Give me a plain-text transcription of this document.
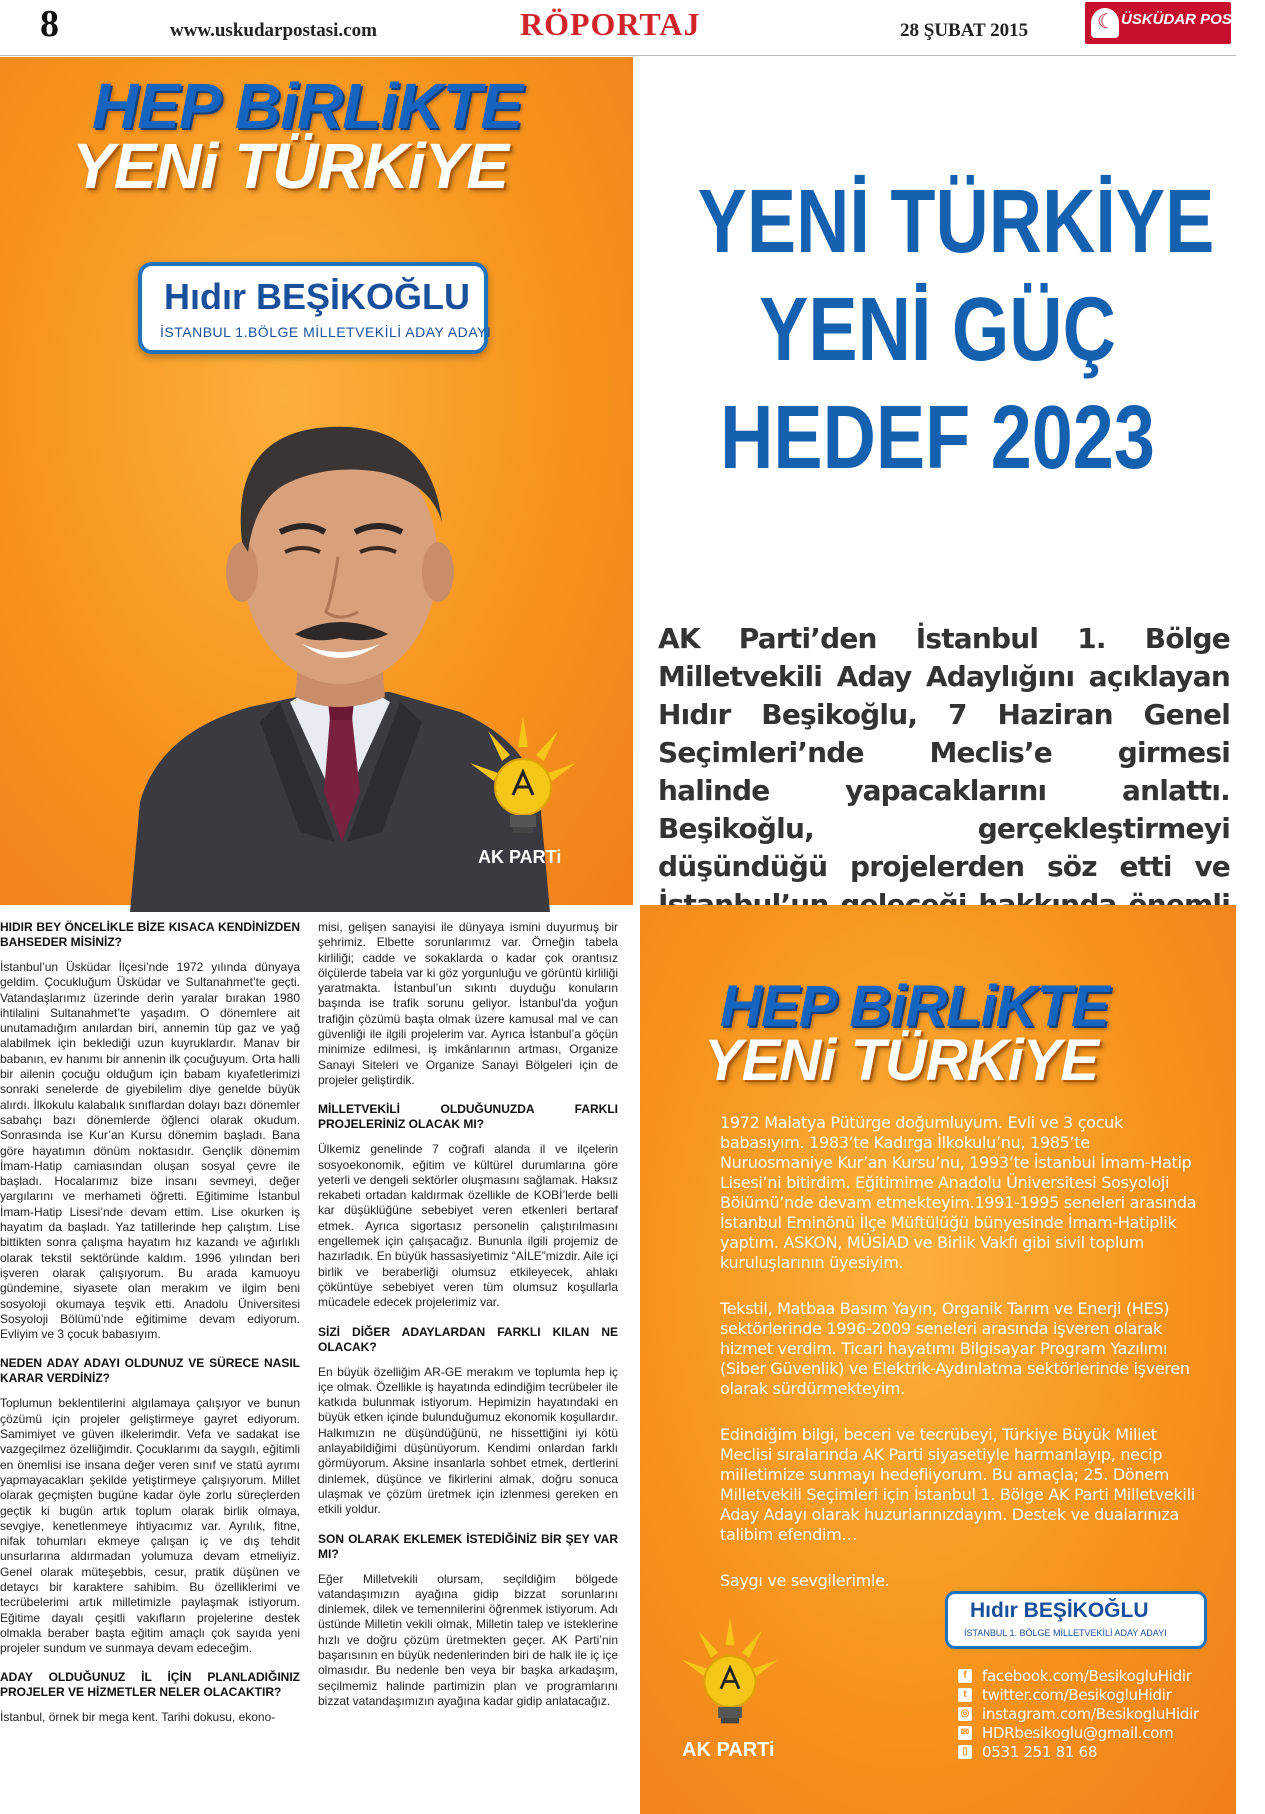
8	www.uskudarpostasi.com	RÖPORTAJ	28 ŞUBAT 2015
☾
ÜSKÜDAR POSTASI
HEP BiRLiKTE
YENi TÜRKiYE
Hıdır BEŞİKOĞLU
İSTANBUL 1.BÖLGE MİLLETVEKİLİ ADAY ADAYI
AK PARTi
YENİ TÜRKİYE
YENİ GÜÇ
HEDEF 2023
AK Parti’den İstanbul 1. Bölge Milletvekili Aday Adaylığını açıklayan Hıdır Beşikoğlu, 7 Haziran Genel Seçimleri’nde Meclis’e girmesi halinde yapacaklarını anlattı. Beşikoğlu, gerçekleştirmeyi düşündüğü projelerden söz etti ve
HIDIR BEY ÖNCELİKLE BİZE KISACA KENDİNİZDEN BAHSEDER MİSİNİZ?

İstanbul’un Üsküdar İlçesi’nde 1972 yılında dünyaya geldim. Çocukluğum Üsküdar ve Sultanahmet’te geçti. Vatandaşlarımız üzerinde derin yaralar bırakan 1980 ihtilalini Sultanahmet’te yaşadım. O dönemlere ait unutamadığım anılardan biri, annemin tüp gaz ve yağ alabilmek için beklediği uzun kuyruklardır. Manav bir babanın, ev hanımı bir annenin ilk çocuğuyum. Orta halli bir ailenin çocuğu olduğum için babam kıyafetlerimizi sonraki senelerde de giyebilelim diye genelde büyük alırdı. İlkokulu kalabalık sınıflardan dolayı bazı dönemler sabahçı bazı dönemlerde öğlenci olarak okudum. Sonrasında ise Kur’an Kursu dönemim başladı. Bana göre hayatımın dönüm noktasıdır. Gençlik dönemim İmam-Hatip camiasından oluşan sosyal çevre ile başladı. Hocalarımız bize insanı sevmeyi, değer yargılarını ve merhameti öğretti. Eğitimime İstanbul İmam-Hatip Lisesi’nde devam ettim. Lise okurken iş hayatım da başladı. Yaz tatillerinde hep çalıştım. Lise bittikten sonra çalışma hayatım hız kazandı ve ağırlıklı olarak tekstil sektöründe kaldım. 1996 yılından beri işveren olarak çalışıyorum. Bu arada kamuoyu gündemine, siyasete olan merakım ve ilgim beni sosyoloji okumaya teşvik etti. Anadolu Üniversitesi Sosyoloji Bölümü’nde eğitimime devam ediyorum. Evliyim ve 3 çocuk babasıyım.

NEDEN ADAY ADAYI OLDUNUZ VE SÜRECE NASIL KARAR VERDİNİZ?

Toplumun beklentilerini algılamaya çalışıyor ve bunun çözümü için projeler geliştirmeye gayret ediyorum. Samimiyet ve güven ilkelerimdir. Vefa ve sadakat ise vazgeçilmez özelliğimdir. Çocuklarımı da saygılı, eğitimli en önemlisi ise insana değer veren sınıf ve statü ayrımı yapmayacakları şekilde yetiştirmeye çalışıyorum. Millet olarak geçmişten bugüne kadar öyle zorlu süreçlerden geçtik ki bugün artık toplum olarak birlik olmaya, sevgiye, kenetlenmeye ihtiyacımız var. Ayrılık, fitne, nifak tohumları ekmeye çalışan iç ve dış tehdit unsurlarına aldırmadan yolumuza devam etmeliyiz. Genel olarak müteşebbis, cesur, pratik düşünen ve detaycı bir karaktere sahibim. Bu özelliklerimi ve tecrübelerimi artık milletimizle paylaşmak istiyorum. Eğitime dayalı çeşitli vakıfların projelerine destek olmakla beraber başta eğitim amaçlı çok sayıda yeni projeler sundum ve sunmaya devam edeceğim.

ADAY OLDUĞUNUZ İL İÇİN PLANLADIĞINIZ PROJELER VE HİZMETLER NELER OLACAKTIR?

İstanbul, örnek bir mega kent. Tarihi dokusu, ekono-

misi, gelişen sanayisi ile dünyaya ismini duyurmuş bir şehrimiz. Elbette sorunlarımız var. Örneğin tabela kirliliği; cadde ve sokaklarda o kadar çok orantısız ölçülerde tabela var ki göz yorgunluğu ve görüntü kirliliği yaratmakta. İstanbul’un sıkıntı duyduğu konuların başında ise trafik sorunu geliyor. İstanbul’da yoğun trafiğin çözümü başta olmak üzere kamusal mal ve can güvenliği ile ilgili projelerim var. Ayrıca İstanbul’a göçün minimize edilmesi, iş imkânlarının artması, Organize Sanayi Siteleri ve Organize Sanayi Bölgeleri için de projeler geliştirdik.

MİLLETVEKİLİ OLDUĞUNUZDA FARKLI PROJELERİNİZ OLACAK MI?

Ülkemiz genelinde 7 coğrafi alanda il ve ilçelerin sosyoekonomik, eğitim ve kültürel durumlarına göre yeterli ve dengeli sektörler oluşmasını sağlamak. Haksız rekabeti ortadan kaldırmak özellikle de KOBİ’lerde belli kar düşüklüğüne sebebiyet veren etkenleri bertaraf etmek. Ayrıca sigortasız personelin çalıştırılmasını engellemek için çalışacağız. Bununla ilgili projemiz de hazırladık. En büyük hassasiyetimiz “AİLE”mizdir. Aile içi birlik ve beraberliği olumsuz etkileyecek, ahlakı çöküntüye sebebiyet veren tüm olumsuz koşullarla mücadele edecek projelerimiz var.

SİZİ DİĞER ADAYLARDAN FARKLI KILAN NE OLACAK?

En büyük özelliğim AR-GE merakım ve toplumla hep iç içe olmak. Özellikle iş hayatında edindiğim tecrübeler ile katkıda bulunmak istiyorum. Hepimizin hayatındaki en büyük etken içinde bulunduğumuz ekonomik koşullardır. Halkımızın ne düşündüğünü, ne hissettiğini iyi kötü anlayabildiğimi düşünüyorum. Kendimi onlardan farklı görmüyorum. Aksine insanlarla sohbet etmek, dertlerini dinlemek, düşünce ve fikirlerini almak, doğru sonuca ulaşmak ve çözüm üretmek için izlenmesi gereken en etkili yoldur.

SON OLARAK EKLEMEK İSTEDİĞİNİZ BİR ŞEY VAR MI?

Eğer Milletvekili olursam, seçildiğim bölgede vatandaşımızın ayağına gidip bizzat sorunlarını dinlemek, dilek ve temennilerini öğrenmek istiyorum. Adı üstünde Milletin vekili olmak, Milletin talep ve isteklerine hızlı ve doğru çözüm üretmekten geçer. AK Parti’nin başarısının en büyük nedenlerinden biri de halk ile iç içe olmasıdır. Bu nedenle ben veya bir başka arkadaşım, seçilmemiz halinde partimizin plan ve programlarını bizzat vatandaşımızın ayağına kadar gidip anlatacağız.

HEP BiRLiKTE
YENi TÜRKiYE

1972 Malatya Pütürge doğumluyum. Evli ve 3 çocuk babasıyım. 1983’te Kadırga İlkokulu’nu, 1985’te Nuruosmaniye Kur’an Kursu’nu, 1993’te İstanbul İmam-Hatip Lisesi’ni bitirdim. Eğitimime Anadolu Üniversitesi Sosyoloji Bölümü’nde devam etmekteyim.1991-1995 seneleri arasında İstanbul Eminönü İlçe Müftülüğü bünyesinde İmam-Hatiplik yaptım. ASKON, MÜSİAD ve Birlik Vakfı gibi sivil toplum kuruluşlarının üyesiyim.

Tekstil, Matbaa Basım Yayın, Organik Tarım ve Enerji (HES) sektörlerinde 1996-2009 seneleri arasında işveren olarak hizmet verdim. Ticari hayatımı Bilgisayar Program Yazılımı (Siber Güvenlik) ve Elektrik-Aydınlatma sektörlerinde işveren olarak sürdürmekteyim.

Edindiğim bilgi, beceri ve tecrübeyi, Türkiye Büyük Millet Meclisi sıralarında AK Parti siyasetiyle harmanlayıp, necip milletimize sunmayı hedefliyorum. Bu amaçla; 25. Dönem Milletvekili Seçimleri için İstanbul 1. Bölge AK Parti Milletvekili Aday Adayı olarak huzurlarınızdayım. Destek ve dualarınıza talibim efendim…

Saygı ve sevgilerimle.

Hıdır BEŞİKOĞLU
İSTANBUL 1. BÖLGE MİLLETVEKİLİ ADAY ADAYI
AK PARTi
f	facebook.com/BesikogluHidir
t	twitter.com/BesikogluHidir
◎ instagram.com/BesikogluHidir
✉ HDRbesikoglu@gmail.com
▯ 0531 251 81 68
